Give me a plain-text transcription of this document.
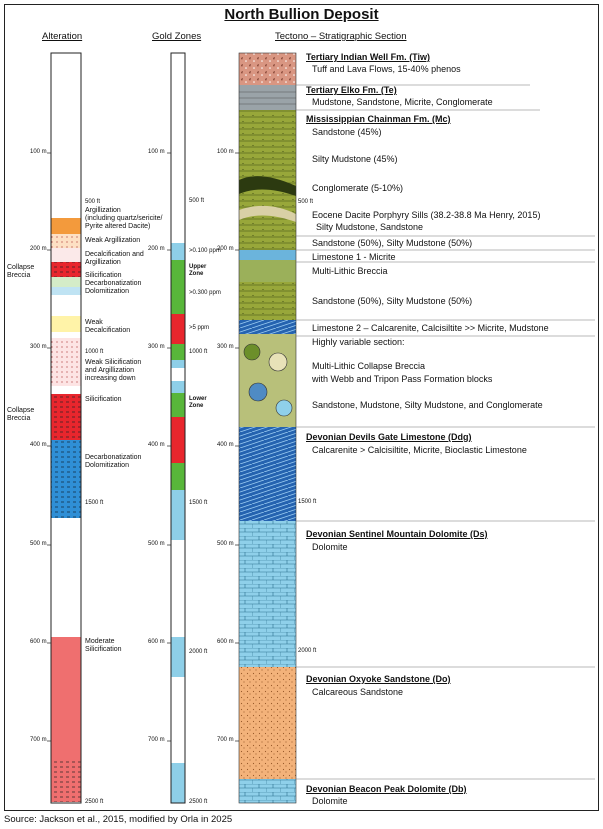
North Bullion Deposit
Alteration	Gold Zones	Tectono – Stratigraphic Section
100 m
200 m
300 m
400 m
500 m
600 m
700 m
100 m
200 m
300 m
400 m
500 m
600 m
700 m
500 ft
1000 ft
1500 ft
2000 ft
2500 ft
100 m
200 m
300 m
400 m
500 m
600 m
700 m
500 ft
1500 ft
2000 ft
Collapse Breccia
Collapse Breccia
500 ft
Argillization
(including quartz/sericite/
Pyrite altered Dacite)
Weak Argillization
Decalcification and
Argillization
Silicification
Decarbonatization
Dolomitization
Weak
Decalcification
1000 ft
Weak Silicification
and Argillization
increasing down
Silicification
Decarbonatization
Dolomitization
1500 ft
Moderate
Silicification
2500 ft
>0.100 ppm
Upper Zone
>0.300 ppm
>5 ppm
Lower Zone
Tertiary Indian Well Fm. (Tiw)
Tuff and Lava Flows, 15-40% phenos
Tertiary Elko Fm. (Te)
Mudstone, Sandstone, Micrite, Conglomerate
Mississippian Chainman Fm. (Mc)
Sandstone (45%)
Silty Mudstone (45%)
Conglomerate (5-10%)
Eocene Dacite Porphyry Sills (38.2-38.8 Ma Henry, 2015)
Silty Mudstone, Sandstone
Sandstone (50%), Silty Mudstone (50%)
Limestone 1 - Micrite
Multi-Lithic Breccia
Sandstone (50%), Silty Mudstone (50%)
Limestone 2 – Calcarenite, Calcisiltite >> Micrite, Mudstone
Highly variable section:
Multi-Lithic Collapse Breccia
with Webb and Tripon Pass Formation blocks
Sandstone, Mudstone, Silty Mudstone, and Conglomerate
Devonian Devils Gate Limestone (Ddg)
Calcarenite > Calcisiltite, Micrite, Bioclastic Limestone
Devonian Sentinel Mountain Dolomite (Ds)
Dolomite
Devonian Oxyoke Sandstone (Do)
Calcareous Sandstone
Devonian Beacon Peak Dolomite (Db)
Dolomite
Source: Jackson et al., 2015, modified by Orla in 2025
